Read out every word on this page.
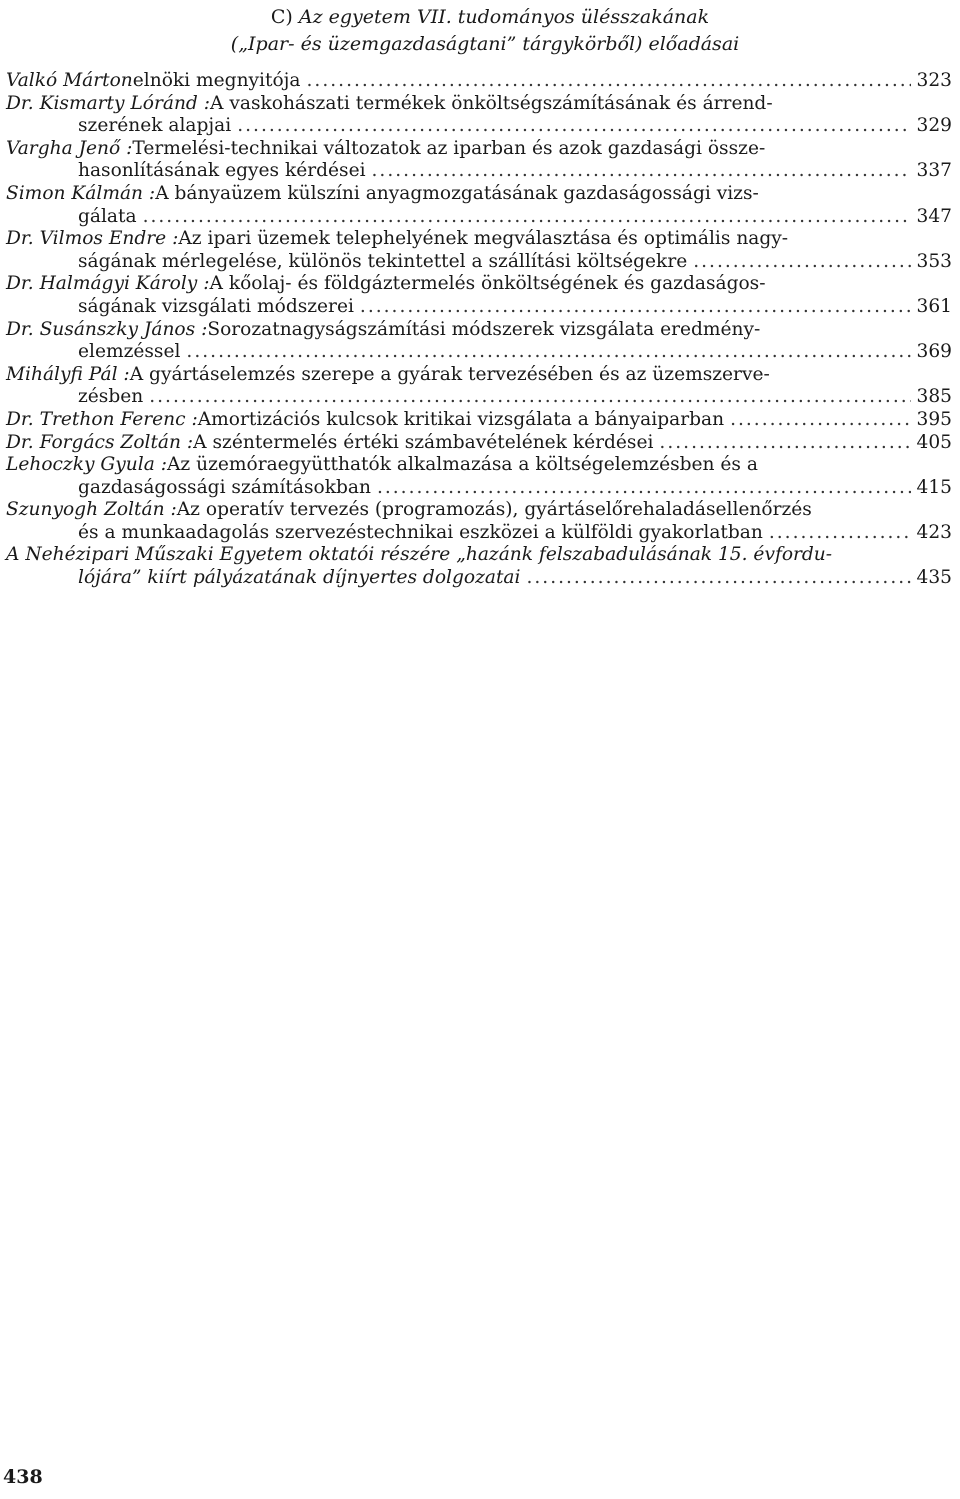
C) Az egyetem VII. tudományos ülésszakának
(„Ipar- és üzemgazdaságtani” tárgykörből) előadásai
Valkó Márton elnöki megnyitója .....	323
Dr. Kismarty Lóránd : A vaskohászati termékek önköltségszámításának és árrend-
szerének alapjai .....	329
Vargha Jenő : Termelési-technikai változatok az iparban és azok gazdasági össze-
hasonlításának egyes kérdései .....	337
Simon Kálmán : A bányaüzem külszíni anyagmozgatásának gazdaságossági vizs-
gálata .....	347
Dr. Vilmos Endre : Az ipari üzemek telephelyének megválasztása és optimális nagy-
ságának mérlegelése, különös tekintettel a szállítási költségekre .....	353
Dr. Halmágyi Károly : A kőolaj- és földgáztermelés önköltségének és gazdaságos-
ságának vizsgálati módszerei .....	361
Dr. Susánszky János : Sorozatnagyságszámítási módszerek vizsgálata eredmény-
elemzéssel .....	369
Mihályfi Pál : A gyártáselemzés szerepe a gyárak tervezésében és az üzemszerve-
zésben .....	385
Dr. Trethon Ferenc : Amortizációs kulcsok kritikai vizsgálata a bányaiparban .....	395
Dr. Forgács Zoltán : A széntermelés értéki számbavételének kérdései .....	405
Lehoczky Gyula : Az üzemóraegyütthatók alkalmazása a költségelemzésben és a
gazdaságossági számításokban .....	415
Szunyogh Zoltán : Az operatív tervezés (programozás), gyártáselőrehaladásellenőrzés
és a munkaadagolás szervezéstechnikai eszközei a külföldi gyakorlatban .....	423
A Nehézipari Műszaki Egyetem oktatói részére „hazánk felszabadulásának 15. évfordu-
lójára” kiírt pályázatának díjnyertes dolgozatai .....	435
438
